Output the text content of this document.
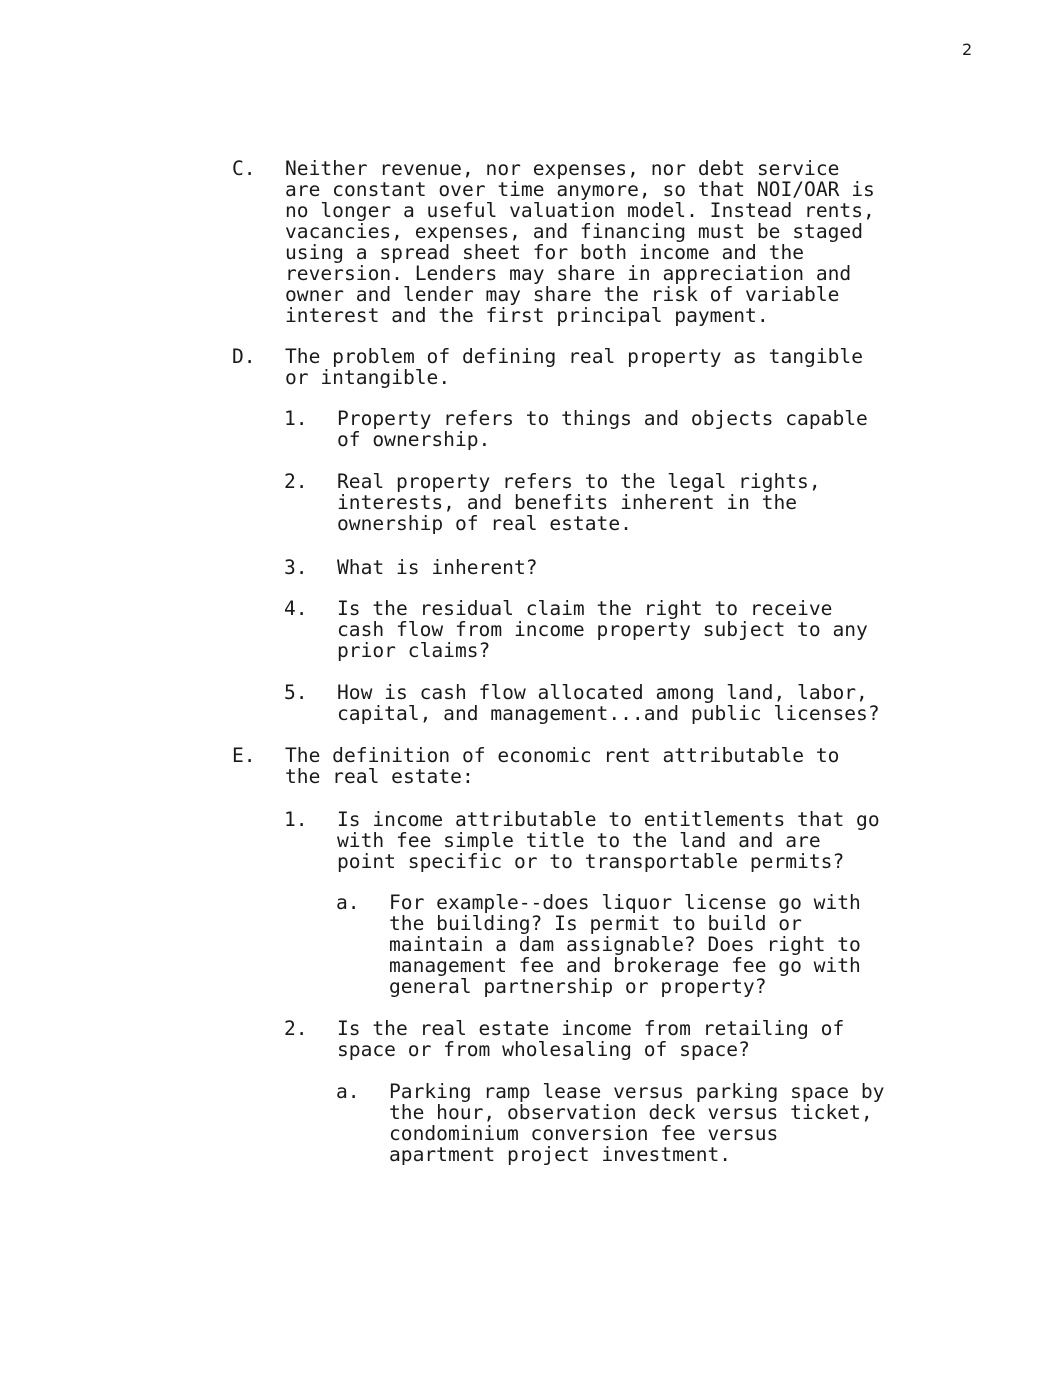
2
C. Neither revenue, nor expenses, nor debt service
are constant over time anymore, so that NOI/OAR is
no longer a useful valuation model. Instead rents,
vacancies, expenses, and financing must be staged
using a spread sheet for both income and the
reversion. Lenders may share in appreciation and
owner and lender may share the risk of variable
interest and the first principal payment.
D. The problem of defining real property as tangible
or intangible.
1. Property refers to things and objects capable
of ownership.
2. Real property refers to the legal rights,
interests, and benefits inherent in the
ownership of real estate.
3. What is inherent?
4. Is the residual claim the right to receive
cash flow from income property subject to any
prior claims?
5. How is cash flow allocated among land, labor,
capital, and management...and public licenses?
E. The definition of economic rent attributable to
the real estate:
1. Is income attributable to entitlements that go
with fee simple title to the land and are
point specific or to transportable permits?
a. For example--does liquor license go with
the building? Is permit to build or
maintain a dam assignable? Does right to
management fee and brokerage fee go with
general partnership or property?
2. Is the real estate income from retailing of
space or from wholesaling of space?
a. Parking ramp lease versus parking space by
the hour, observation deck versus ticket,
condominium conversion fee versus
apartment project investment.
